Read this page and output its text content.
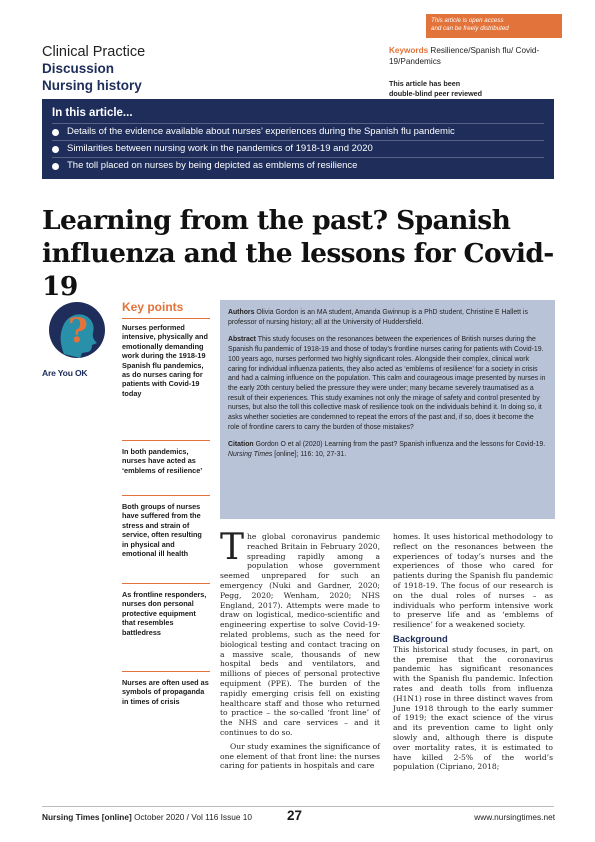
This article is open access
and can be freely distributed
Clinical Practice
Discussion
Nursing history
Keywords Resilience/Spanish flu/ Covid-19/Pandemics
This article has been
double-blind peer reviewed
In this article...
Details of the evidence available about nurses’ experiences during the Spanish flu pandemic
Similarities between nursing work in the pandemics of 1918-19 and 2020
The toll placed on nurses by being depicted as emblems of resilience
Learning from the past? Spanish
influenza and the lessons for Covid-19
?
Are You OK
Key points
Nurses performed intensive, physically and emotionally demanding work during the 1918-19 Spanish flu pandemics, as do nurses caring for patients with Covid-19 today
In both pandemics, nurses have acted as ‘emblems of resilience’
Both groups of nurses have suffered from the stress and strain of service, often resulting in physical and emotional ill health
As frontline responders, nurses don personal protective equipment that resembles battledress
Nurses are often used as symbols of propaganda in times of crisis

Authors Olivia Gordon is an MA student, Amanda Gwinnup is a PhD student, Christine E Hallett is professor of nursing history; all at the University of Huddersfield.

Abstract This study focuses on the resonances between the experiences of British nurses during the Spanish flu pandemic of 1918-19 and those of today’s frontline nurses caring for patients with Covid-19. 100 years ago, nurses performed two highly significant roles. Alongside their complex, clinical work caring for individual influenza patients, they also acted as ‘emblems of resilience’ for a society in crisis and had a calming influence on the population. This calm and courageous image presented by nurses in the early 20th century belied the pressure they were under; many became severely traumatised as a result of their experiences. This study examines not only the mirage of safety and control presented by nurses, but also the toll this collective mask of resilience took on the individuals behind it. In doing so, it asks whether societies are condemned to repeat the errors of the past and, if so, does it become the role of frontline carers to carry the burden of those mistakes?

Citation Gordon O et al (2020) Learning from the past? Spanish influenza and the lessons for Covid-19. Nursing Times [online]; 116: 10, 27-31.

The global coronavirus pandemic reached Britain in February 2020, spreading rapidly among a population whose government seemed unprepared for such an emergency (Nuki and Gardner, 2020; Pegg, 2020; Wenham, 2020; NHS England, 2017). Attempts were made to draw on logistical, medico-scientific and engineering expertise to solve Covid-19-related problems, such as the need for biological testing and contact tracing on a massive scale, thousands of new hospital beds and ventilators, and millions of pieces of personal protective equipment (PPE). The burden of the rapidly emerging crisis fell on existing healthcare staff and those who returned to practice – the so-called ‘front line’ of the NHS and care services – and it continues to do so.

Our study examines the significance of one element of that front line: the nurses caring for patients in hospitals and care

homes. It uses historical methodology to reflect on the resonances between the experiences of today’s nurses and the experiences of those who cared for patients during the Spanish flu pandemic of 1918-19. The focus of our research is on the dual roles of nurses – as individuals who perform intensive work to preserve life and as ‘emblems of resilience’ for a weakened society.

Background

This historical study focuses, in part, on the premise that the coronavirus pandemic has significant resonances with the Spanish flu pandemic. Infection rates and death tolls from influenza (H1N1) rose in three distinct waves from June 1918 through to the early summer of 1919; the exact science of the virus and its prevention came to light only slowly and, although there is dispute over mortality rates, it is estimated to have killed 2-5% of the world’s population (Cipriano, 2018;

Nursing Times [online] October 2020 / Vol 116 Issue 10	27	www.nursingtimes.net
